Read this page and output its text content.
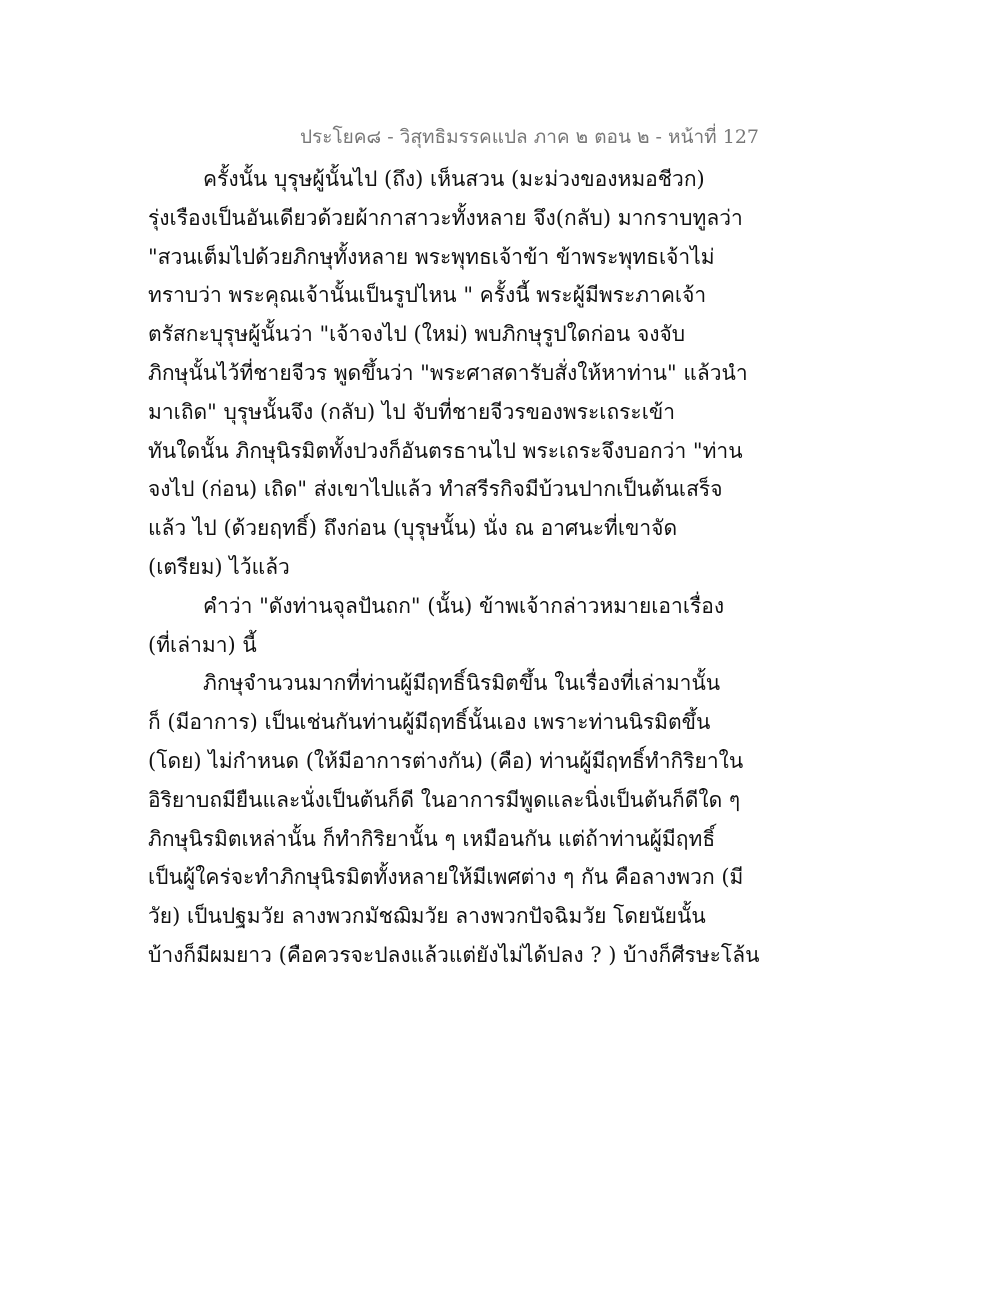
ประโยค๘ - วิสุทธิมรรคแปล ภาค ๒ ตอน ๒ - หน้าที่ 127
ครั้งนั้น บุรุษผู้นั้นไป (ถึง) เห็นสวน (มะม่วงของหมอชีวก)
รุ่งเรืองเป็นอันเดียวด้วยผ้ากาสาวะทั้งหลาย จึง(กลับ) มากราบทูลว่า
"สวนเต็มไปด้วยภิกษุทั้งหลาย พระพุทธเจ้าข้า ข้าพระพุทธเจ้าไม่
ทราบว่า พระคุณเจ้านั้นเป็นรูปไหน " ครั้งนี้ พระผู้มีพระภาคเจ้า
ตรัสกะบุรุษผู้นั้นว่า "เจ้าจงไป (ใหม่) พบภิกษุรูปใดก่อน จงจับ
ภิกษุนั้นไว้ที่ชายจีวร พูดขึ้นว่า "พระศาสดารับสั่งให้หาท่าน" แล้วนำ
มาเถิด" บุรุษนั้นจึง (กลับ) ไป จับที่ชายจีวรของพระเถระเข้า
ทันใดนั้น ภิกษุนิรมิตทั้งปวงก็อันตรธานไป พระเถระจึงบอกว่า "ท่าน
จงไป (ก่อน) เถิด" ส่งเขาไปแล้ว ทำสรีรกิจมีบ้วนปากเป็นต้นเสร็จ
แล้ว ไป (ด้วยฤทธิ์) ถึงก่อน (บุรุษนั้น) นั่ง ณ อาศนะที่เขาจัด
(เตรียม) ไว้แล้ว
คำว่า "ดังท่านจุลปันถก" (นั้น) ข้าพเจ้ากล่าวหมายเอาเรื่อง
(ที่เล่ามา) นี้
ภิกษุจำนวนมากที่ท่านผู้มีฤทธิ์นิรมิตขึ้น ในเรื่องที่เล่ามานั้น
ก็ (มีอาการ) เป็นเช่นกันท่านผู้มีฤทธิ์นั้นเอง เพราะท่านนิรมิตขึ้น
(โดย) ไม่กำหนด (ให้มีอาการต่างกัน) (คือ) ท่านผู้มีฤทธิ์ทำกิริยาใน
อิริยาบถมียืนและนั่งเป็นต้นก็ดี ในอาการมีพูดและนิ่งเป็นต้นก็ดีใด ๆ
ภิกษุนิรมิตเหล่านั้น ก็ทำกิริยานั้น ๆ เหมือนกัน แต่ถ้าท่านผู้มีฤทธิ์
เป็นผู้ใคร่จะทำภิกษุนิรมิตทั้งหลายให้มีเพศต่าง ๆ กัน คือลางพวก (มี
วัย) เป็นปฐมวัย ลางพวกมัชฌิมวัย ลางพวกปัจฉิมวัย โดยนัยนั้น
บ้างก็มีผมยาว (คือควรจะปลงแล้วแต่ยังไม่ได้ปลง ? ) บ้างก็ศีรษะโล้น
